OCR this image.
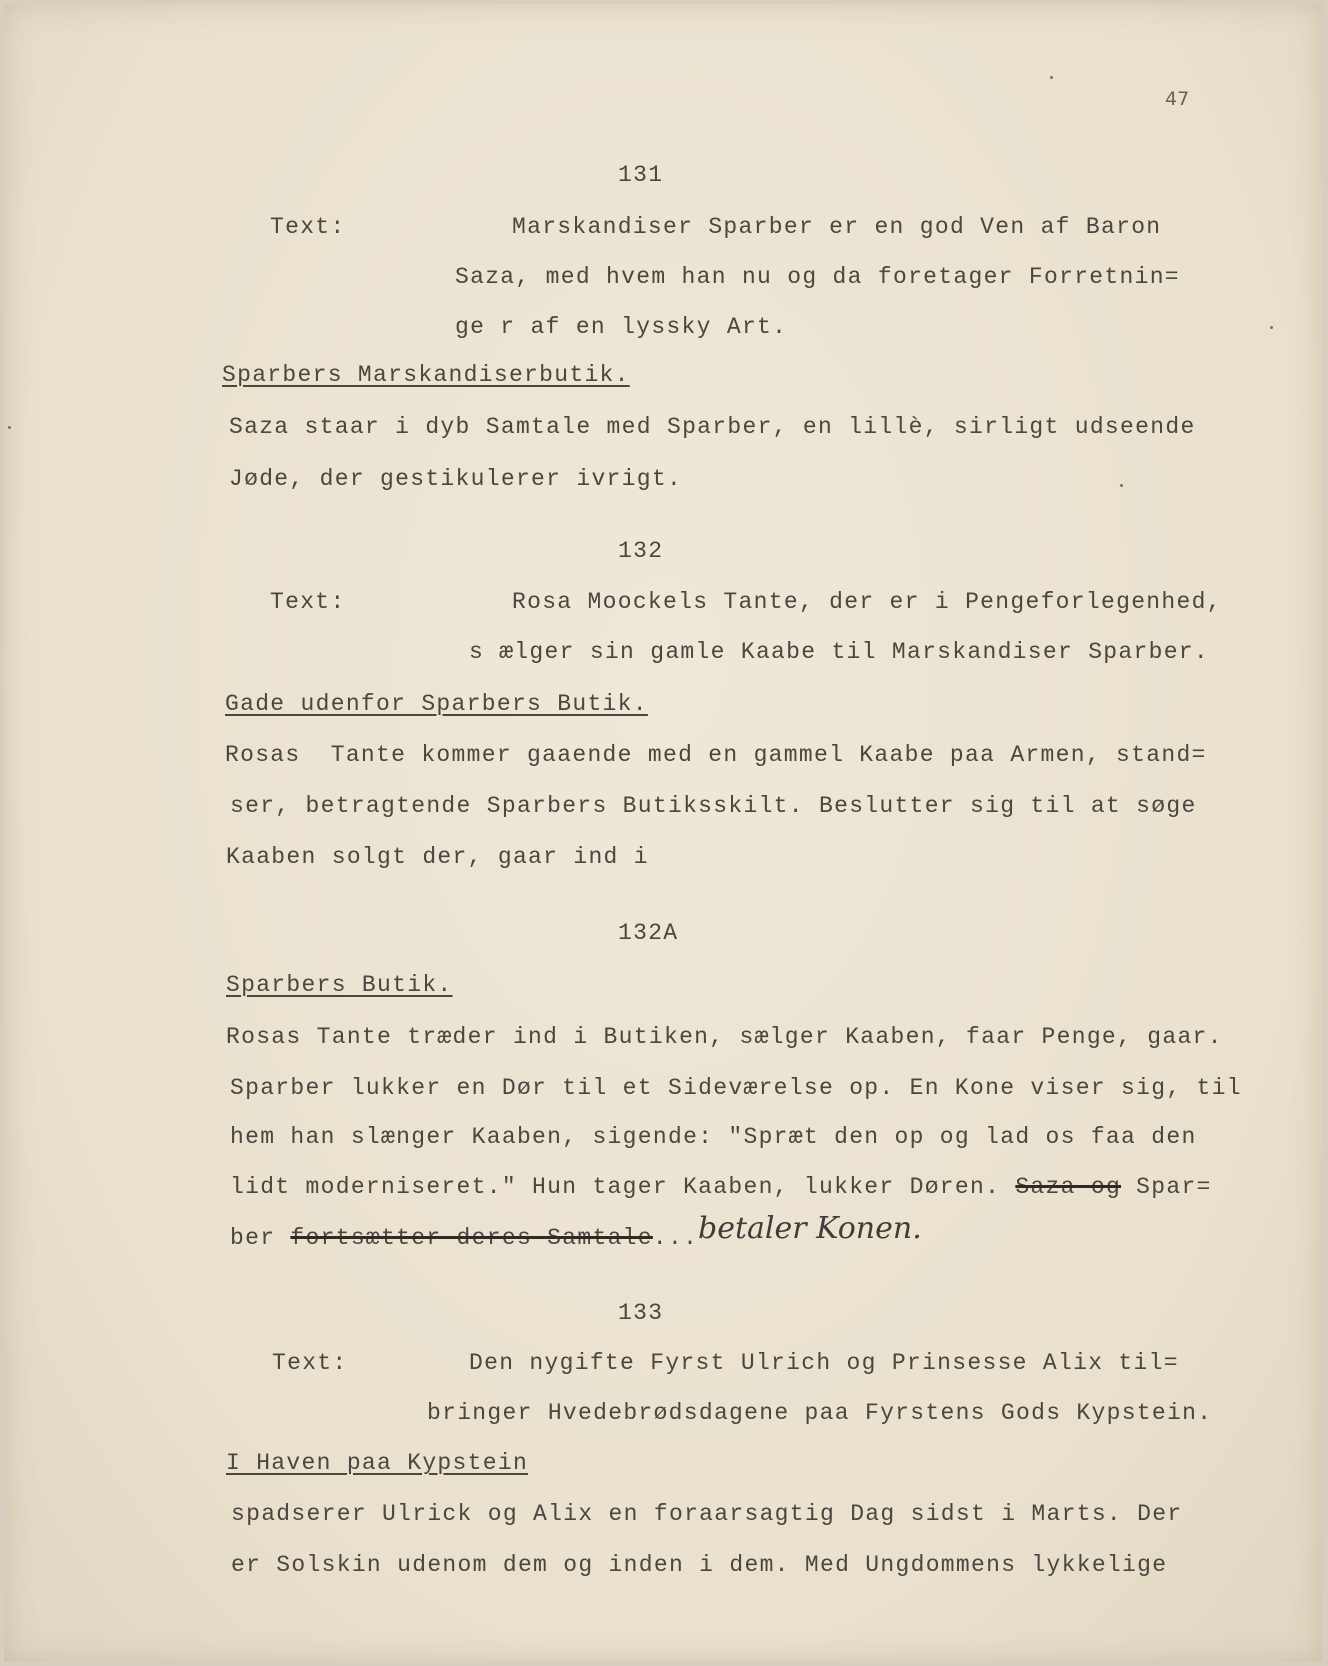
47
131
Text:	Marskandiser Sparber er en god Ven af Baron
Saza, med hvem han nu og da foretager Forretnin=
ge r af en lyssky Art.
Sparbers Marskandiserbutik.
Saza staar i dyb Samtale med Sparber, en lillè, sirligt udseende
Jøde, der gestikulerer ivrigt.
132
Text:	Rosa Moockels Tante, der er i Pengeforlegenhed,
s ælger sin gamle Kaabe til Marskandiser Sparber.
Gade udenfor Sparbers Butik.
Rosas  Tante kommer gaaende med en gammel Kaabe paa Armen, stand=
ser, betragtende Sparbers Butiksskilt. Beslutter sig til at søge
Kaaben solgt der, gaar ind i
132A
Sparbers Butik.
Rosas Tante træder ind i Butiken, sælger Kaaben, faar Penge, gaar.
Sparber lukker en Dør til et Sideværelse op. En Kone viser sig, til
hem han slænger Kaaben, sigende: "Spræt den op og lad os faa den
lidt moderniseret." Hun tager Kaaben, lukker Døren. Saza og Spar=
ber fortsætter deres Samtale... betaler Konen.
133
Text:	Den nygifte Fyrst Ulrich og Prinsesse Alix til=
bringer Hvedebrødsdagene paa Fyrstens Gods Kypstein.
I Haven paa Kypstein
spadserer Ulrick og Alix en foraarsagtig Dag sidst i Marts. Der
er Solskin udenom dem og inden i dem. Med Ungdommens lykkelige
